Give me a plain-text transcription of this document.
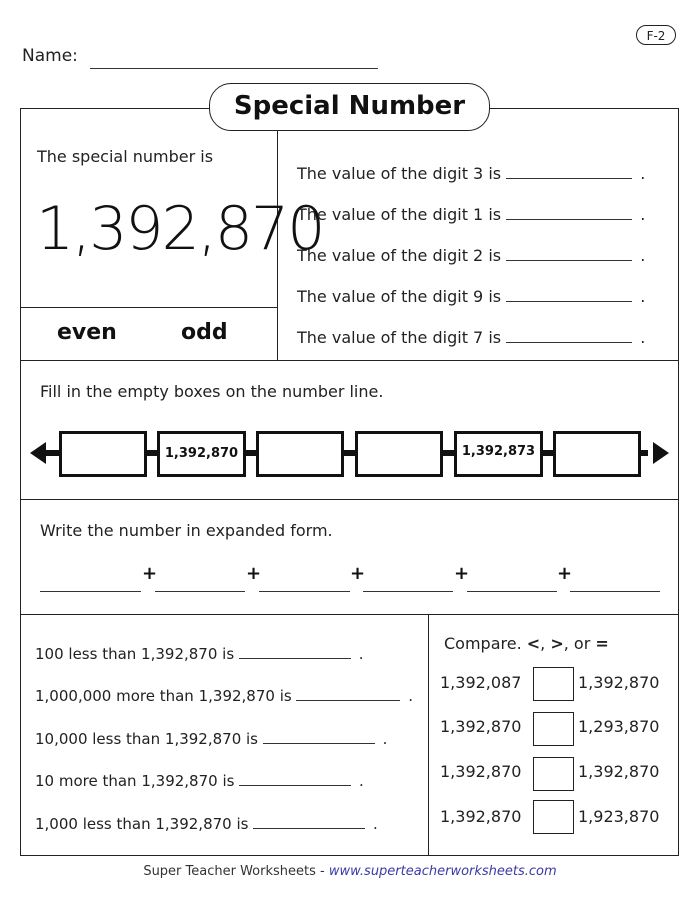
F-2
Name:
Special Number
The special number is
1,392,870
even	odd
The value of the digit 3 is	.
The value of the digit 1 is	.
The value of the digit 2 is	.
The value of the digit 9 is	.
The value of the digit 7 is	.
Fill in the empty boxes on the number line.
1,392,870	1,392,873
Write the number in expanded form.
+	+	+	+	+
100 less than 1,392,870 is	.
1,000,000 more than 1,392,870 is	.
10,000 less than 1,392,870 is	.
10 more than 1,392,870 is	.
1,000 less than 1,392,870 is	.
Compare. <, >, or =
1,392,087	1,392,870
1,392,870	1,293,870
1,392,870	1,392,870
1,392,870	1,923,870
Super Teacher Worksheets - www.superteacherworksheets.com
